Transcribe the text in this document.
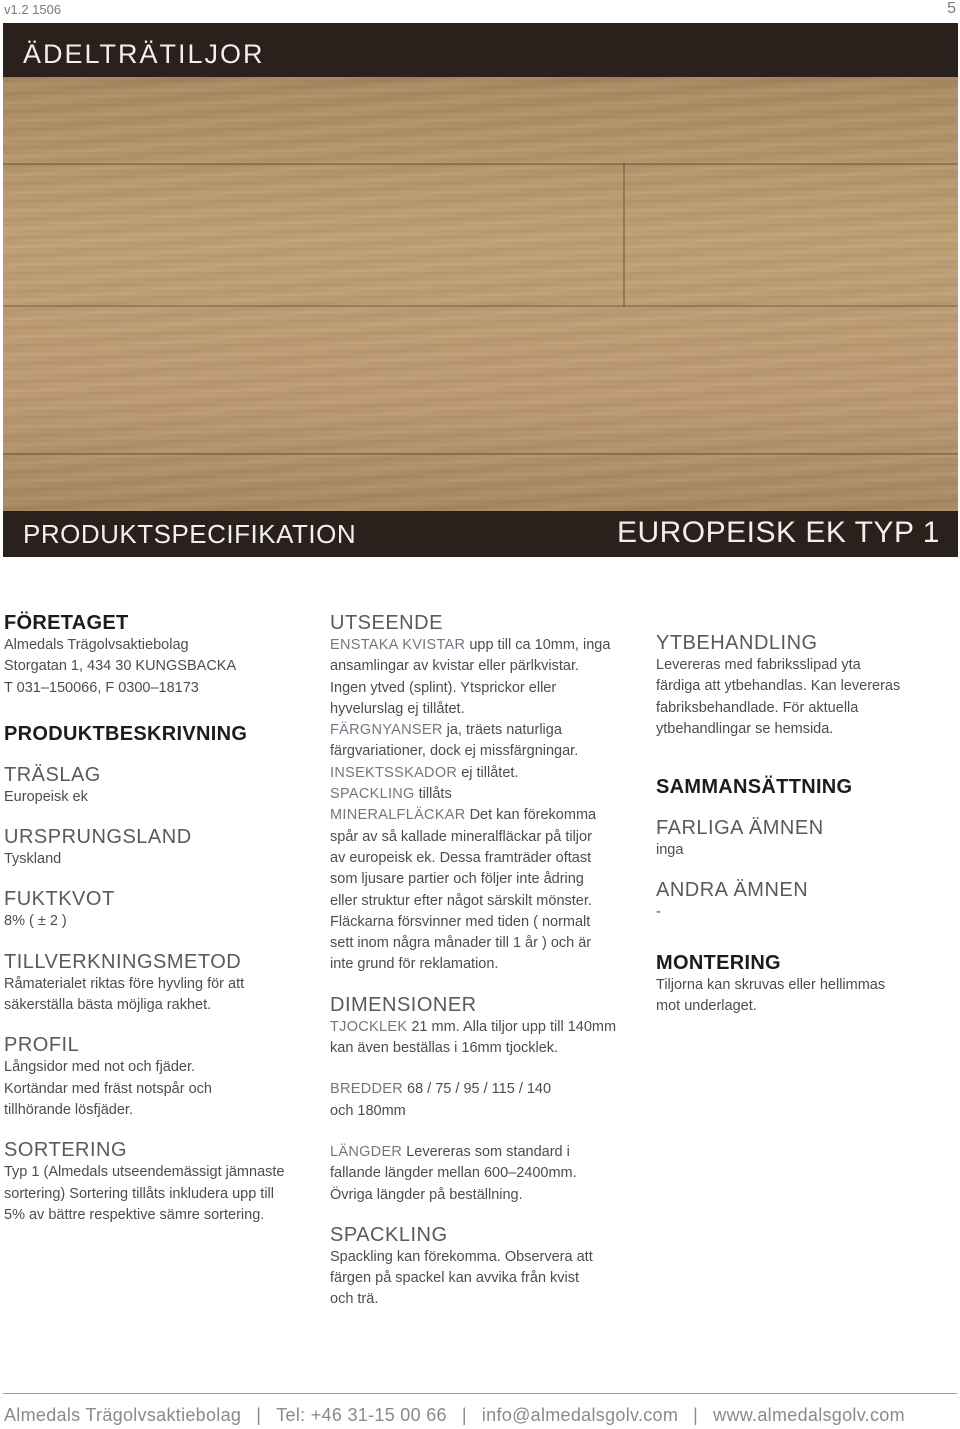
v1.2 1506	5
ÄDELTRÄTILJOR
PRODUKTSPECIFIKATION	EUROPEISK EK TYP 1
FÖRETAGET
Almedals Trägolvsaktiebolag
Storgatan 1, 434 30 KUNGSBACKA
T 031–150066, F 0300–18173
PRODUKTBESKRIVNING
TRÄSLAG
Europeisk ek
URSPRUNGSLAND
Tyskland
FUKTKVOT
8% ( ± 2 )
TILLVERKNINGSMETOD
Råmaterialet riktas före hyvling för att
säkerställa bästa möjliga rakhet.
PROFIL
Långsidor med not och fjäder.
Kortändar med fräst notspår och
tillhörande lösfjäder.
SORTERING
Typ 1 (Almedals utseendemässigt jämnaste
sortering) Sortering tillåts inkludera upp till
5% av bättre respektive sämre sortering.
UTSEENDE
ENSTAKA KVISTAR upp till ca 10mm, inga
ansamlingar av kvistar eller pärlkvistar.
Ingen ytved (splint). Ytsprickor eller
hyvelurslag ej tillåtet.
FÄRGNYANSER ja, träets naturliga
färgvariationer, dock ej missfärgningar.
INSEKTSSKADOR ej tillåtet.
SPACKLING tillåts
MINERALFLÄCKAR Det kan förekomma
spår av så kallade mineralfläckar på tiljor
av europeisk ek. Dessa framträder oftast
som ljusare partier och följer inte ådring
eller struktur efter något särskilt mönster.
Fläckarna försvinner med tiden ( normalt
sett inom några månader till 1 år ) och är
inte grund för reklamation.
DIMENSIONER
TJOCKLEK 21 mm. Alla tiljor upp till 140mm
kan även beställas i 16mm tjocklek.
BREDDER 68 / 75 / 95 / 115 / 140
och 180mm
LÄNGDER Levereras som standard i
fallande längder mellan 600–2400mm.
Övriga längder på beställning.
SPACKLING
Spackling kan förekomma. Observera att
färgen på spackel kan avvika från kvist
och trä.
YTBEHANDLING
Levereras med fabriksslipad yta
färdiga att ytbehandlas. Kan levereras
fabriksbehandlade. För aktuella
ytbehandlingar se hemsida.
SAMMANSÄTTNING
FARLIGA ÄMNEN
inga
ANDRA ÄMNEN
-
MONTERING
Tiljorna kan skruvas eller hellimmas
mot underlaget.
Almedals Trägolvsaktiebolag | Tel: +46 31-15 00 66 | info@almedalsgolv.com | www.almedalsgolv.com
